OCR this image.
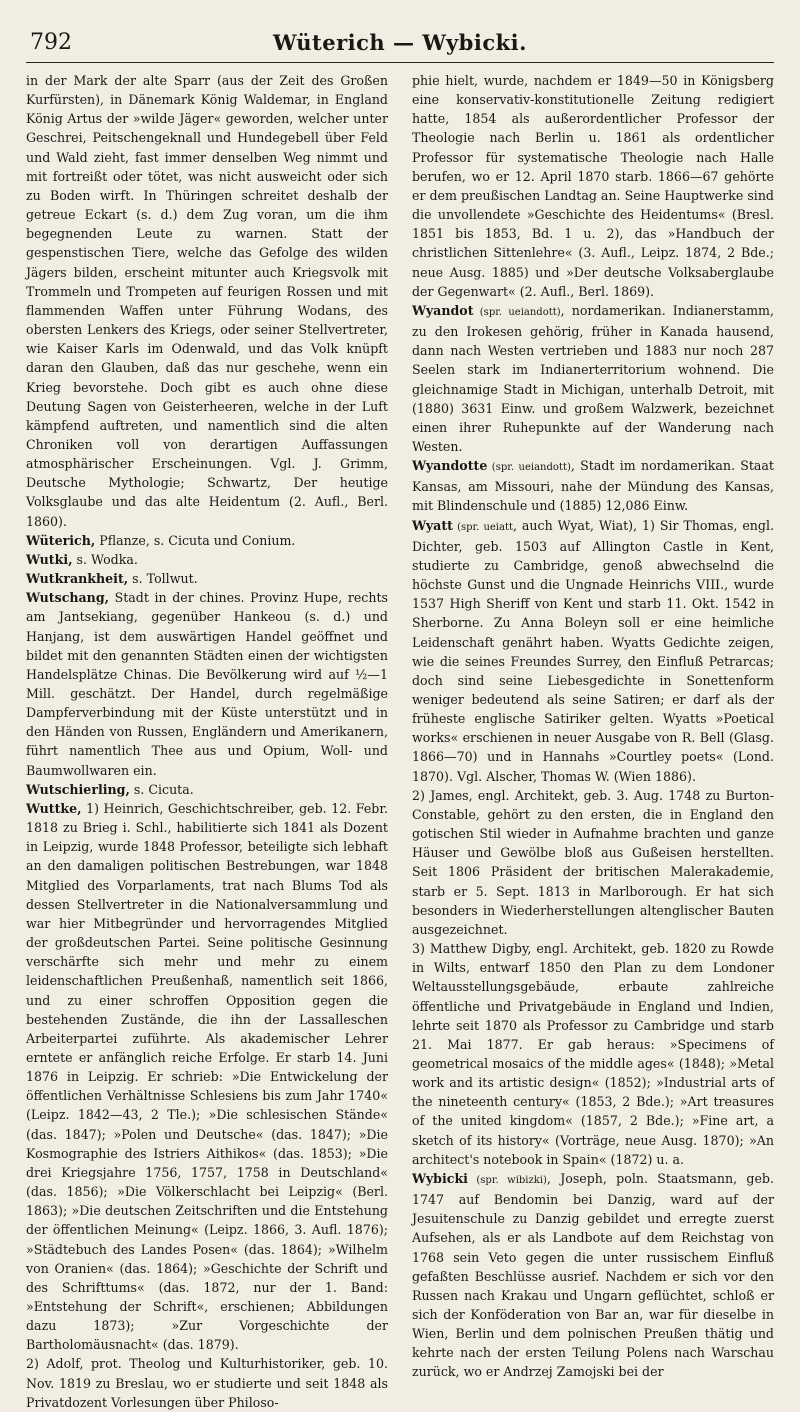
792	Wüterich — Wybicki.

in der Mark der alte Sparr (aus der Zeit des Großen Kurfürsten), in Dänemark König Waldemar, in England König Artus der »wilde Jäger« geworden, welcher unter Geschrei, Peitschengeknall und Hundegebell über Feld und Wald zieht, fast immer denselben Weg nimmt und mit fortreißt oder tötet, was nicht ausweicht oder sich zu Boden wirft. In Thüringen schreitet deshalb der getreue Eckart (s. d.) dem Zug voran, um die ihm begegnenden Leute zu warnen. Statt der gespenstischen Tiere, welche das Gefolge des wilden Jägers bilden, erscheint mitunter auch Kriegsvolk mit Trommeln und Trompeten auf feurigen Rossen und mit flammenden Waffen unter Führung Wodans, des obersten Lenkers des Kriegs, oder seiner Stellvertreter, wie Kaiser Karls im Odenwald, und das Volk knüpft daran den Glauben, daß das nur geschehe, wenn ein Krieg bevorstehe. Doch gibt es auch ohne diese Deutung Sagen von Geisterheeren, welche in der Luft kämpfend auftreten, und namentlich sind die alten Chroniken voll von derartigen Auffassungen atmosphärischer Erscheinungen. Vgl. J. Grimm, Deutsche Mythologie; Schwartz, Der heutige Volksglaube und das alte Heidentum (2. Aufl., Berl. 1860).

Wüterich, Pflanze, s. Cicuta und Conium.

Wutki, s. Wodka.

Wutkrankheit, s. Tollwut.

Wutschang, Stadt in der chines. Provinz Hupe, rechts am Jantsekiang, gegenüber Hankeou (s. d.) und Hanjang, ist dem auswärtigen Handel geöffnet und bildet mit den genannten Städten einen der wichtigsten Handelsplätze Chinas. Die Bevölkerung wird auf ½—1 Mill. geschätzt. Der Handel, durch regelmäßige Dampferverbindung mit der Küste unterstützt und in den Händen von Russen, Engländern und Amerikanern, führt namentlich Thee aus und Opium, Woll- und Baumwollwaren ein.

Wutschierling, s. Cicuta.

Wuttke, 1) Heinrich, Geschichtschreiber, geb. 12. Febr. 1818 zu Brieg i. Schl., habilitierte sich 1841 als Dozent in Leipzig, wurde 1848 Professor, beteiligte sich lebhaft an den damaligen politischen Bestrebungen, war 1848 Mitglied des Vorparlaments, trat nach Blums Tod als dessen Stellvertreter in die Nationalversammlung und war hier Mitbegründer und hervorragendes Mitglied der großdeutschen Partei. Seine politische Gesinnung verschärfte sich mehr und mehr zu einem leidenschaftlichen Preußenhaß, namentlich seit 1866, und zu einer schroffen Opposition gegen die bestehenden Zustände, die ihn der Lassalleschen Arbeiterpartei zuführte. Als akademischer Lehrer erntete er anfänglich reiche Erfolge. Er starb 14. Juni 1876 in Leipzig. Er schrieb: »Die Entwickelung der öffentlichen Verhältnisse Schlesiens bis zum Jahr 1740« (Leipz. 1842—43, 2 Tle.); »Die schlesischen Stände« (das. 1847); »Polen und Deutsche« (das. 1847); »Die Kosmographie des Istriers Aithikos« (das. 1853); »Die drei Kriegsjahre 1756, 1757, 1758 in Deutschland« (das. 1856); »Die Völkerschlacht bei Leipzig« (Berl. 1863); »Die deutschen Zeitschriften und die Entstehung der öffentlichen Meinung« (Leipz. 1866, 3. Aufl. 1876); »Städtebuch des Landes Posen« (das. 1864); »Wilhelm von Oranien« (das. 1864); »Geschichte der Schrift und des Schrifttums« (das. 1872, nur der 1. Band: »Entstehung der Schrift«, erschienen; Abbildungen dazu 1873); »Zur Vorgeschichte der Bartholomäusnacht« (das. 1879).

2) Adolf, prot. Theolog und Kulturhistoriker, geb. 10. Nov. 1819 zu Breslau, wo er studierte und seit 1848 als Privatdozent Vorlesungen über Philoso-

phie hielt, wurde, nachdem er 1849—50 in Königsberg eine konservativ-konstitutionelle Zeitung redigiert hatte, 1854 als außerordentlicher Professor der Theologie nach Berlin u. 1861 als ordentlicher Professor für systematische Theologie nach Halle berufen, wo er 12. April 1870 starb. 1866—67 gehörte er dem preußischen Landtag an. Seine Hauptwerke sind die unvollendete »Geschichte des Heidentums« (Bresl. 1851 bis 1853, Bd. 1 u. 2), das »Handbuch der christlichen Sittenlehre« (3. Aufl., Leipz. 1874, 2 Bde.; neue Ausg. 1885) und »Der deutsche Volksaberglaube der Gegenwart« (2. Aufl., Berl. 1869).

Wyandot (spr. ueiandott), nordamerikan. Indianerstamm, zu den Irokesen gehörig, früher in Kanada hausend, dann nach Westen vertrieben und 1883 nur noch 287 Seelen stark im Indianerterritorium wohnend. Die gleichnamige Stadt in Michigan, unterhalb Detroit, mit (1880) 3631 Einw. und großem Walzwerk, bezeichnet einen ihrer Ruhepunkte auf der Wanderung nach Westen.

Wyandotte (spr. ueiandott), Stadt im nordamerikan. Staat Kansas, am Missouri, nahe der Mündung des Kansas, mit Blindenschule und (1885) 12,086 Einw.

Wyatt (spr. ueiatt, auch Wyat, Wiat), 1) Sir Thomas, engl. Dichter, geb. 1503 auf Allington Castle in Kent, studierte zu Cambridge, genoß abwechselnd die höchste Gunst und die Ungnade Heinrichs VIII., wurde 1537 High Sheriff von Kent und starb 11. Okt. 1542 in Sherborne. Zu Anna Boleyn soll er eine heimliche Leidenschaft genährt haben. Wyatts Gedichte zeigen, wie die seines Freundes Surrey, den Einfluß Petrarcas; doch sind seine Liebesgedichte in Sonettenform weniger bedeutend als seine Satiren; er darf als der früheste englische Satiriker gelten. Wyatts »Poetical works« erschienen in neuer Ausgabe von R. Bell (Glasg. 1866—70) und in Hannahs »Courtley poets« (Lond. 1870). Vgl. Alscher, Thomas W. (Wien 1886).

2) James, engl. Architekt, geb. 3. Aug. 1748 zu Burton-Constable, gehört zu den ersten, die in England den gotischen Stil wieder in Aufnahme brachten und ganze Häuser und Gewölbe bloß aus Gußeisen herstellten. Seit 1806 Präsident der britischen Malerakademie, starb er 5. Sept. 1813 in Marlborough. Er hat sich besonders in Wiederherstellungen altenglischer Bauten ausgezeichnet.

3) Matthew Digby, engl. Architekt, geb. 1820 zu Rowde in Wilts, entwarf 1850 den Plan zu dem Londoner Weltausstellungsgebäude, erbaute zahlreiche öffentliche und Privatgebäude in England und Indien, lehrte seit 1870 als Professor zu Cambridge und starb 21. Mai 1877. Er gab heraus: »Specimens of geometrical mosaics of the middle ages« (1848); »Metal work and its artistic design« (1852); »Industrial arts of the nineteenth century« (1853, 2 Bde.); »Art treasures of the united kingdom« (1857, 2 Bde.); »Fine art, a sketch of its history« (Vorträge, neue Ausg. 1870); »An architect's notebook in Spain« (1872) u. a.

Wybicki (spr. wibizki), Joseph, poln. Staatsmann, geb. 1747 auf Bendomin bei Danzig, ward auf der Jesuitenschule zu Danzig gebildet und erregte zuerst Aufsehen, als er als Landbote auf dem Reichstag von 1768 sein Veto gegen die unter russischem Einfluß gefaßten Beschlüsse ausrief. Nachdem er sich vor den Russen nach Krakau und Ungarn geflüchtet, schloß er sich der Konföderation von Bar an, war für dieselbe in Wien, Berlin und dem polnischen Preußen thätig und kehrte nach der ersten Teilung Polens nach Warschau zurück, wo er Andrzej Zamojski bei der
